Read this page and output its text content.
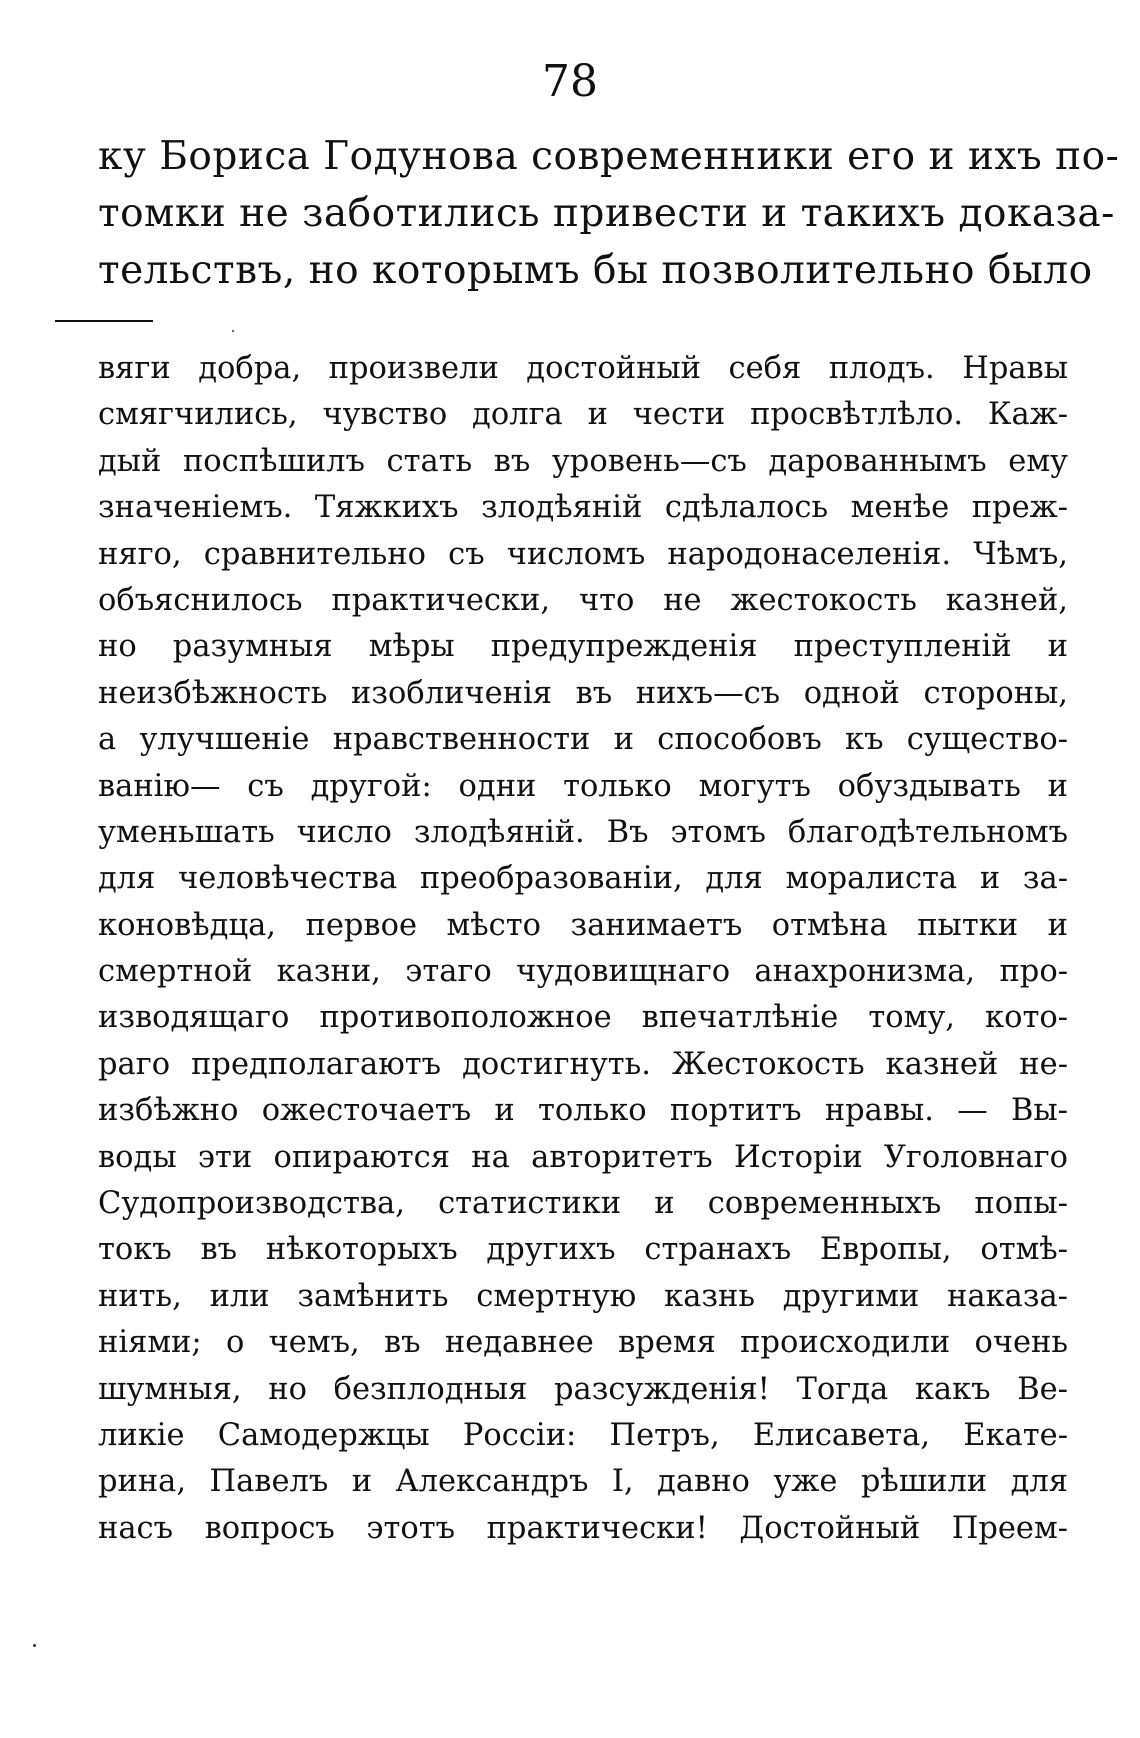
78
ку Бориса Годунова современники его и ихъ по-
томки не заботились привести и такихъ доказа-
тельствъ, но которымъ бы позволительно было
вяги добра, произвели достойный себя плодъ. Нравы
смягчились, чувство долга и чести просвѣтлѣло. Каж-
дый поспѣшилъ стать въ уровень—съ дарованнымъ ему
значеніемъ. Тяжкихъ злодѣяній сдѣлалось менѣе преж-
няго, сравнительно съ числомъ народонаселенія. Чѣмъ,
объяснилось практически, что не жестокость казней,
но разумныя мѣры предупрежденія преступленій и
неизбѣжность изобличенія въ нихъ—съ одной стороны,
а улучшеніе нравственности и способовъ къ существо-
ванію— съ другой: одни только могутъ обуздывать и
уменьшать число злодѣяній. Въ этомъ благодѣтельномъ
для человѣчества преобразованіи, для моралиста и за-
коновѣдца, первое мѣсто занимаетъ отмѣна пытки и
смертной казни, этаго чудовищнаго анахронизма, про-
изводящаго противоположное впечатлѣніе тому, кото-
раго предполагаютъ достигнуть. Жестокость казней не-
избѣжно ожесточаетъ и только портитъ нравы. — Вы-
воды эти опираются на авторитетъ Исторіи Уголовнаго
Судопроизводства, статистики и современныхъ попы-
токъ въ нѣкоторыхъ другихъ странахъ Европы, отмѣ-
нить, или замѣнить смертную казнь другими наказа-
ніями; о чемъ, въ недавнее время происходили очень
шумныя, но безплодныя разсужденія! Тогда какъ Ве-
ликіе Самодержцы Россіи: Петръ, Елисавета, Екате-
рина, Павелъ и Александръ I, давно уже рѣшили для
насъ вопросъ этотъ практически! Достойный Преем-
